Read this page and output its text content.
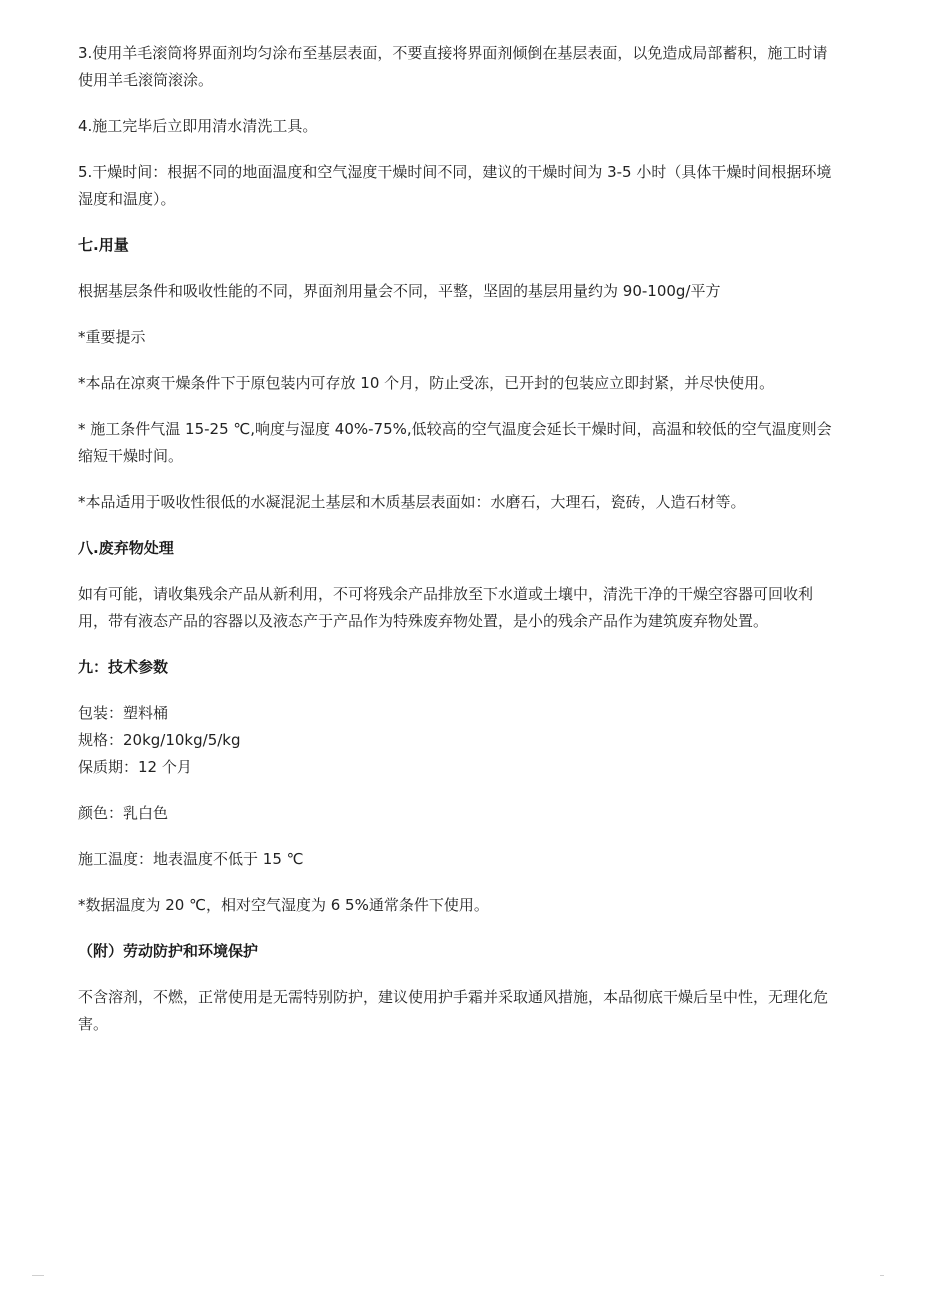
3.使用羊毛滚筒将界面剂均匀涂布至基层表面，不要直接将界面剂倾倒在基层表面，以免造成局部蓄积，施工时请使用羊毛滚筒滚涂。

4.施工完毕后立即用清水清洗工具。

5.干燥时间：根据不同的地面温度和空气湿度干燥时间不同，建议的干燥时间为 3-5 小时（具体干燥时间根据环境湿度和温度）。

七.用量

根据基层条件和吸收性能的不同，界面剂用量会不同，平整，坚固的基层用量约为 90-100g/平方

*重要提示

*本品在凉爽干燥条件下于原包装内可存放 10 个月，防止受冻，已开封的包装应立即封紧，并尽快使用。

* 施工条件气温 15-25 ℃,响度与湿度 40%-75%,低较高的空气温度会延长干燥时间，高温和较低的空气温度则会缩短干燥时间。

*本品适用于吸收性很低的水凝混泥土基层和木质基层表面如：水磨石，大理石，瓷砖，人造石材等。

八.废弃物处理

如有可能，请收集残余产品从新利用，不可将残余产品排放至下水道或土壤中，清洗干净的干燥空容器可回收利用，带有液态产品的容器以及液态产于产品作为特殊废弃物处置，是小的残余产品作为建筑废弃物处置。

九：技术参数

包装：塑料桶

规格：20kg/10kg/5/kg

保质期：12 个月

颜色：乳白色

施工温度：地表温度不低于 15 ℃

*数据温度为 20 ℃，相对空气湿度为 6 5%通常条件下使用。

（附）劳动防护和环境保护

不含溶剂，不燃，正常使用是无需特别防护，建议使用护手霜并采取通风措施，本品彻底干燥后呈中性，无理化危害。
